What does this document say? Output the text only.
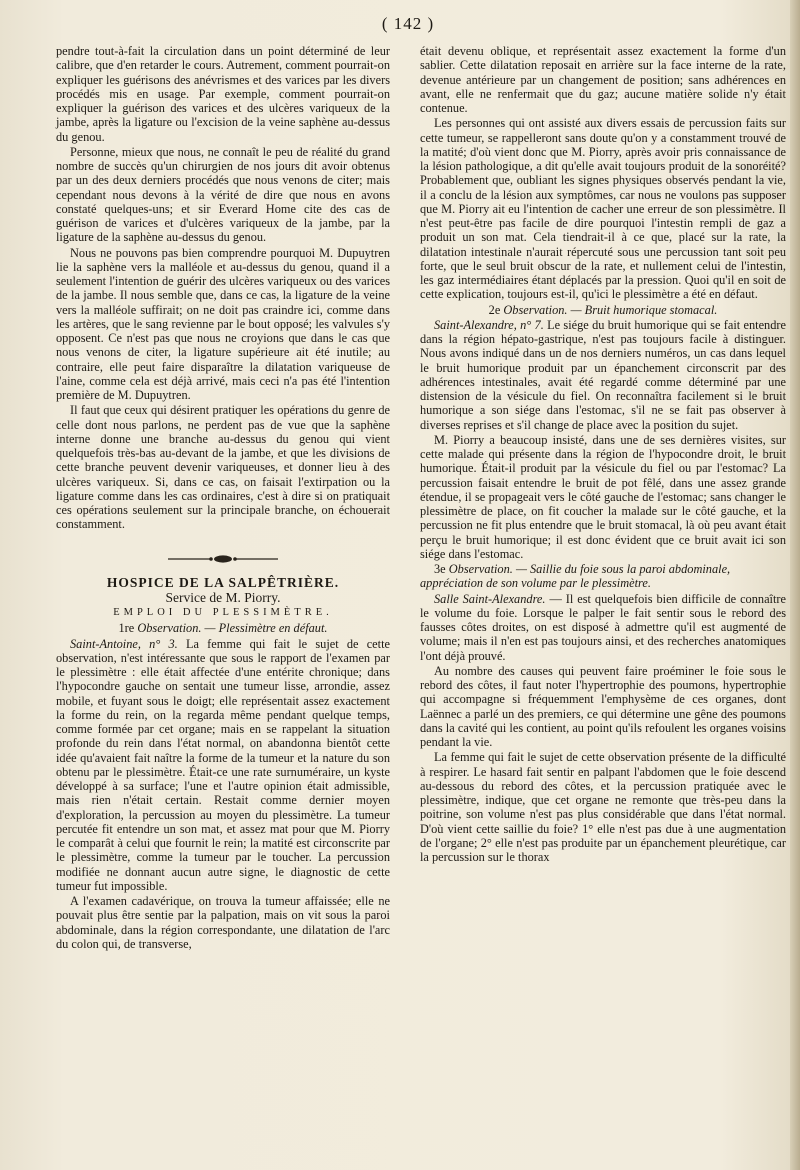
( 142 )

pendre tout-à-fait la circulation dans un point déterminé de leur calibre, que d'en retarder le cours. Autrement, comment pourrait-on expliquer les guérisons des anévrismes et des varices par les divers procédés mis en usage. Par exemple, comment pourrait-on expliquer la guérison des varices et des ulcères variqueux de la jambe, après la ligature ou l'excision de la veine saphène au-dessus du genou.

Personne, mieux que nous, ne connaît le peu de réalité du grand nombre de succès qu'un chirurgien de nos jours dit avoir obtenus par un des deux derniers procédés que nous venons de citer; mais cependant nous devons à la vérité de dire que nous en avons constaté quelques-uns; et sir Everard Home cite des cas de guérison de varices et d'ulcères variqueux de la jambe, par la ligature de la saphène au-dessus du genou.

Nous ne pouvons pas bien comprendre pourquoi M. Dupuytren lie la saphène vers la malléole et au-dessus du genou, quand il a seulement l'intention de guérir des ulcères variqueux ou des varices de la jambe. Il nous semble que, dans ce cas, la ligature de la veine vers la malléole suffirait; on ne doit pas craindre ici, comme dans les artères, que le sang revienne par le bout opposé; les valvules s'y opposent. Ce n'est pas que nous ne croyions que dans le cas que nous venons de citer, la ligature supérieure ait été inutile; au contraire, elle peut faire disparaître la dilatation variqueuse de l'aine, comme cela est déjà arrivé, mais ceci n'a pas été l'intention première de M. Dupuytren.

Il faut que ceux qui désirent pratiquer les opérations du genre de celle dont nous parlons, ne perdent pas de vue que la saphène interne donne une branche au-dessus du genou qui vient quelquefois très-bas au-devant de la jambe, et que les divisions de cette branche peuvent devenir variqueuses, et donner lieu à des ulcères variqueux. Si, dans ce cas, on faisait l'extirpation ou la ligature comme dans les cas ordinaires, c'est à dire si on pratiquait ces opérations seulement sur la principale branche, on échouerait constamment.

HOSPICE DE LA SALPÊTRIÈRE.

Service de M. Piorry.

EMPLOI DU PLESSIMÈTRE.

1re Observation. — Plessimètre en défaut.

Saint-Antoine, n° 3. La femme qui fait le sujet de cette observation, n'est intéressante que sous le rapport de l'examen par le plessimètre : elle était affectée d'une entérite chronique; dans l'hypocondre gauche on sentait une tumeur lisse, arrondie, assez mobile, et fuyant sous le doigt; elle représentait assez exactement la forme du rein, on la regarda même pendant quelque temps, comme formée par cet organe; mais en se rappelant la situation profonde du rein dans l'état normal, on abandonna bientôt cette idée qu'avaient fait naître la forme de la tumeur et la nature du son obtenu par le plessimètre. Était-ce une rate surnuméraire, un kyste développé à sa surface; l'une et l'autre opinion était admissible, mais rien n'était certain. Restait comme dernier moyen d'exploration, la percussion au moyen du plessimètre. La tumeur percutée fit entendre un son mat, et assez mat pour que M. Piorry le comparât à celui que fournit le rein; la matité est circonscrite par le plessimètre, comme la tumeur par le toucher. La percussion modifiée ne donnant aucun autre signe, le diagnostic de cette tumeur fut impossible.

A l'examen cadavérique, on trouva la tumeur affaissée; elle ne pouvait plus être sentie par la palpation, mais on vit sous la paroi abdominale, dans la région correspondante, une dilatation de l'arc du colon qui, de transverse,

était devenu oblique, et représentait assez exactement la forme d'un sablier. Cette dilatation reposait en arrière sur la face interne de la rate, devenue antérieure par un changement de position; sans adhérences en avant, elle ne renfermait que du gaz; aucune matière solide n'y était contenue.

Les personnes qui ont assisté aux divers essais de percussion faits sur cette tumeur, se rappelleront sans doute qu'on y a constamment trouvé de la matité; d'où vient donc que M. Piorry, après avoir pris connaissance de la lésion pathologique, a dit qu'elle avait toujours produit de la sonoréité? Probablement que, oubliant les signes physiques observés pendant la vie, il a conclu de la lésion aux symptômes, car nous ne voulons pas supposer que M. Piorry ait eu l'intention de cacher une erreur de son plessimètre. Il n'est peut-être pas facile de dire pourquoi l'intestin rempli de gaz a produit un son mat. Cela tiendrait-il à ce que, placé sur la rate, la dilatation intestinale n'aurait répercuté sous une percussion tant soit peu forte, que le seul bruit obscur de la rate, et nullement celui de l'intestin, les gaz intermédiaires étant déplacés par la pression. Quoi qu'il en soit de cette explication, toujours est-il, qu'ici le plessimètre a été en défaut.

2e Observation. — Bruit humorique stomacal.

Saint-Alexandre, n° 7. Le siége du bruit humorique qui se fait entendre dans la région hépato-gastrique, n'est pas toujours facile à distinguer. Nous avons indiqué dans un de nos derniers numéros, un cas dans lequel le bruit humorique produit par un épanchement circonscrit par des adhérences intestinales, avait été regardé comme déterminé par une distension de la vésicule du fiel. On reconnaîtra facilement si le bruit humorique a son siége dans l'estomac, s'il ne se fait pas observer à diverses reprises et s'il change de place avec la position du sujet.

M. Piorry a beaucoup insisté, dans une de ses dernières visites, sur cette malade qui présente dans la région de l'hypocondre droit, le bruit humorique. Était-il produit par la vésicule du fiel ou par l'estomac? La percussion faisait entendre le bruit de pot fêlé, dans une assez grande étendue, il se propageait vers le côté gauche de l'estomac; sans changer le plessimètre de place, on fit coucher la malade sur le côté gauche, et la percussion ne fit plus entendre que le bruit stomacal, là où peu avant était perçu le bruit humorique; il est donc évident que ce bruit avait ici son siége dans l'estomac.

3e Observation. — Saillie du foie sous la paroi abdominale, appréciation de son volume par le plessimètre.

Salle Saint-Alexandre. — Il est quelquefois bien difficile de connaître le volume du foie. Lorsque le palper le fait sentir sous le rebord des fausses côtes droites, on est disposé à admettre qu'il est augmenté de volume; mais il n'en est pas toujours ainsi, et des recherches anatomiques l'ont déjà prouvé.

Au nombre des causes qui peuvent faire proéminer le foie sous le rebord des côtes, il faut noter l'hypertrophie des poumons, hypertrophie qui accompagne si fréquemment l'emphysème de ces organes, dont Laënnec a parlé un des premiers, ce qui détermine une gêne des poumons dans la cavité qui les contient, au point qu'ils refoulent les organes voisins pendant la vie.

La femme qui fait le sujet de cette observation présente de la difficulté à respirer. Le hasard fait sentir en palpant l'abdomen que le foie descend au-dessous du rebord des côtes, et la percussion pratiquée avec le plessimètre, indique, que cet organe ne remonte que très-peu dans la poitrine, son volume n'est pas plus considérable que dans l'état normal. D'où vient cette saillie du foie? 1° elle n'est pas due à une augmentation de l'organe; 2° elle n'est pas produite par un épanchement pleurétique, car la percussion sur le thorax
